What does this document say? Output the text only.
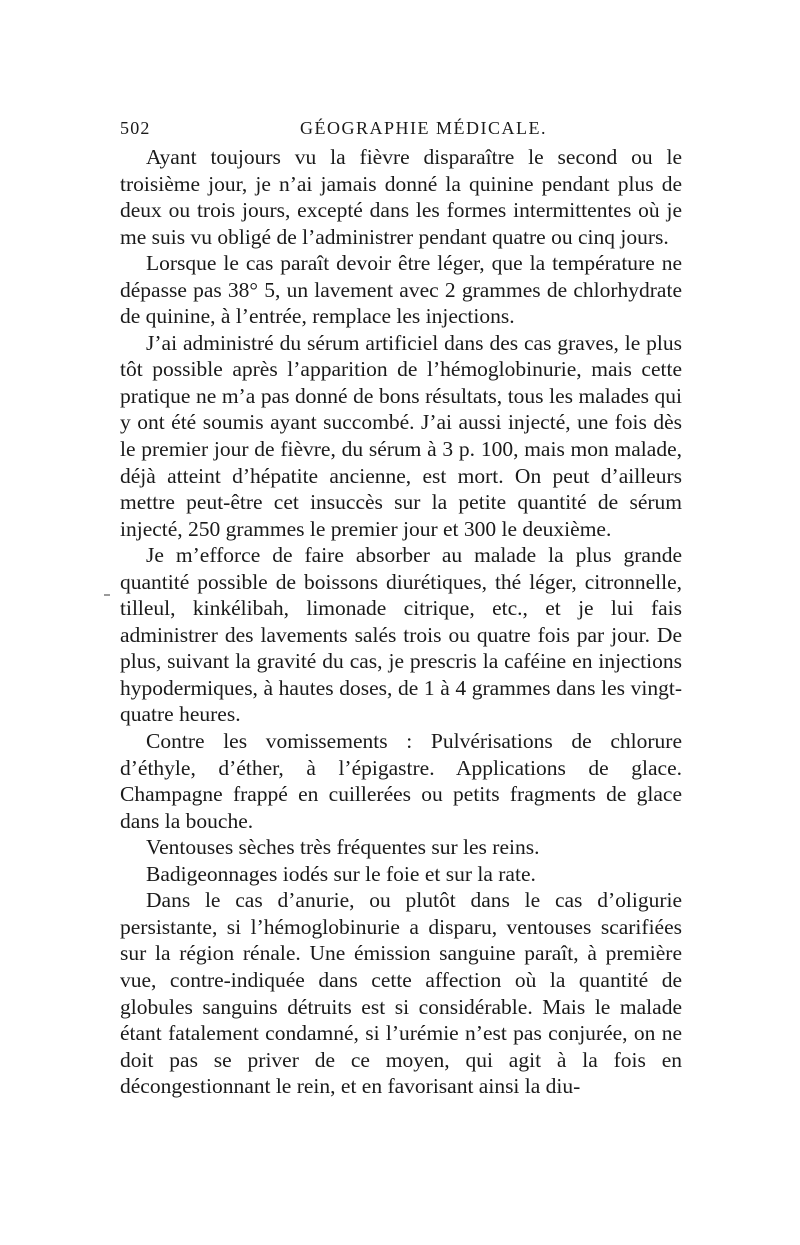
502	GÉOGRAPHIE MÉDICALE.

Ayant toujours vu la fièvre disparaître le second ou le troisième jour, je n’ai jamais donné la quinine pendant plus de deux ou trois jours, excepté dans les formes intermittentes où je me suis vu obligé de l’administrer pendant quatre ou cinq jours.

Lorsque le cas paraît devoir être léger, que la température ne dépasse pas 38° 5, un lavement avec 2 grammes de chlorhydrate de quinine, à l’entrée, remplace les injections.

J’ai administré du sérum artificiel dans des cas graves, le plus tôt possible après l’apparition de l’hémoglobinurie, mais cette pratique ne m’a pas donné de bons résultats, tous les malades qui y ont été soumis ayant succombé. J’ai aussi injecté, une fois dès le premier jour de fièvre, du sérum à 3 p. 100, mais mon malade, déjà atteint d’hépatite ancienne, est mort. On peut d’ailleurs mettre peut-être cet insuccès sur la petite quantité de sérum injecté, 250 grammes le premier jour et 300 le deuxième.

Je m’efforce de faire absorber au malade la plus grande quantité possible de boissons diurétiques, thé léger, citronnelle, tilleul, kinkélibah, limonade citrique, etc., et je lui fais administrer des lavements salés trois ou quatre fois par jour. De plus, suivant la gravité du cas, je prescris la caféine en injections hypodermiques, à hautes doses, de 1 à 4 grammes dans les vingt-quatre heures.

Contre les vomissements : Pulvérisations de chlorure d’éthyle, d’éther, à l’épigastre. Applications de glace. Champagne frappé en cuillerées ou petits fragments de glace dans la bouche.

Ventouses sèches très fréquentes sur les reins.

Badigeonnages iodés sur le foie et sur la rate.

Dans le cas d’anurie, ou plutôt dans le cas d’oligurie persistante, si l’hémoglobinurie a disparu, ventouses scarifiées sur la région rénale. Une émission sanguine paraît, à première vue, contre-indiquée dans cette affection où la quantité de globules sanguins détruits est si considérable. Mais le malade étant fatalement condamné, si l’urémie n’est pas conjurée, on ne doit pas se priver de ce moyen, qui agit à la fois en décongestionnant le rein, et en favorisant ainsi la diu-
